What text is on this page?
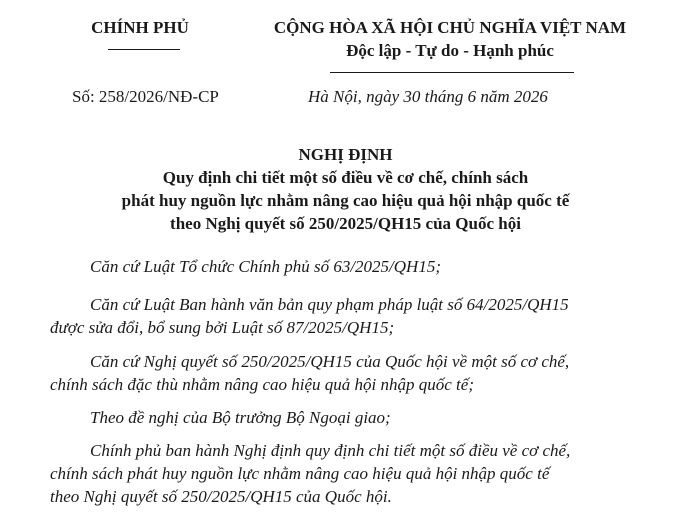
CHÍNH PHỦ	CỘNG HÒA XÃ HỘI CHỦ NGHĨA VIỆT NAM
Độc lập - Tự do - Hạnh phúc
Số: 258/2026/NĐ-CP	Hà Nội, ngày 30 tháng 6 năm 2026
NGHỊ ĐỊNH
Quy định chi tiết một số điều về cơ chế, chính sách
phát huy nguồn lực nhằm nâng cao hiệu quả hội nhập quốc tế
theo Nghị quyết số 250/2025/QH15 của Quốc hội
Căn cứ Luật Tổ chức Chính phủ số 63/2025/QH15;
Căn cứ Luật Ban hành văn bản quy phạm pháp luật số 64/2025/QH15
được sửa đổi, bổ sung bởi Luật số 87/2025/QH15;
Căn cứ Nghị quyết số 250/2025/QH15 của Quốc hội về một số cơ chế,
chính sách đặc thù nhằm nâng cao hiệu quả hội nhập quốc tế;
Theo đề nghị của Bộ trưởng Bộ Ngoại giao;
Chính phủ ban hành Nghị định quy định chi tiết một số điều về cơ chế,
chính sách phát huy nguồn lực nhằm nâng cao hiệu quả hội nhập quốc tế
theo Nghị quyết số 250/2025/QH15 của Quốc hội.
